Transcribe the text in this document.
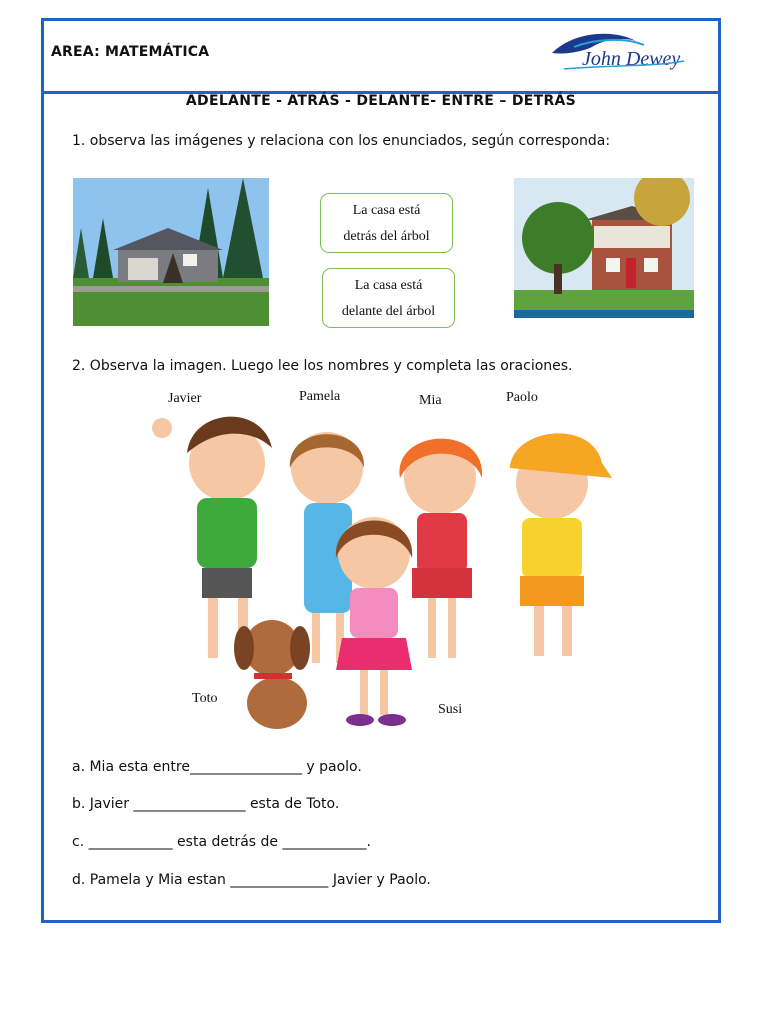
AREA: MATEMÁTICA	John Dewey
ADELANTE - ATRÁS - DELANTE- ENTRE – DETRÁS
1. observa las imágenes y relaciona con los enunciados, según corresponda:
La casa está
detrás del árbol
La casa está
delante del árbol
2. Observa la imagen. Luego lee los nombres y completa las oraciones.
Javier	Pamela	Mia	Paolo
Toto
Susi
a. Mia esta entre________________ y paolo.
b. Javier ________________ esta de Toto.
c. ____________ esta detrás de ____________.
d. Pamela y Mia estan ______________ Javier y Paolo.
